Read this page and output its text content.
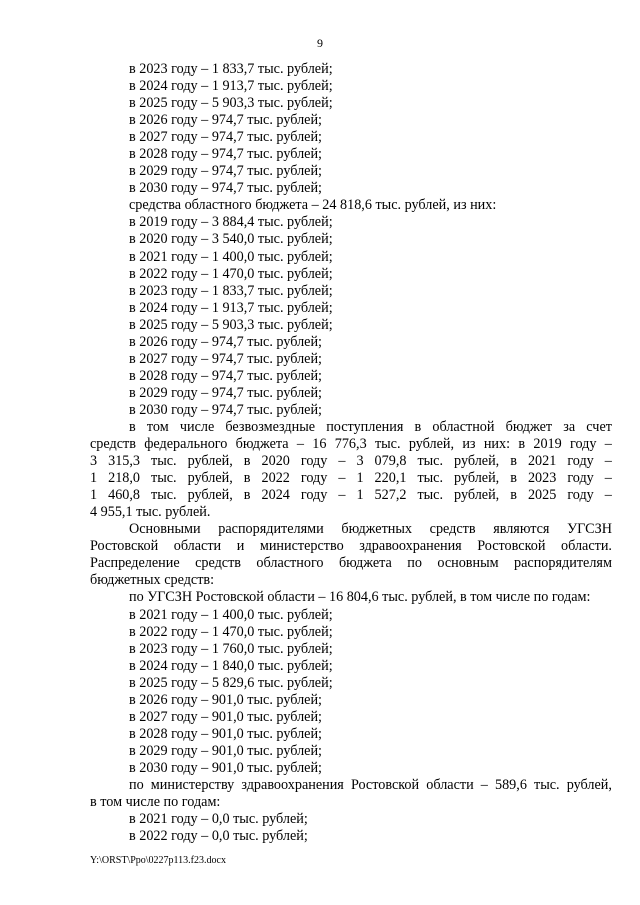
9
в 2023 году – 1 833,7 тыс. рублей;
в 2024 году – 1 913,7 тыс. рублей;
в 2025 году – 5 903,3 тыс. рублей;
в 2026 году – 974,7 тыс. рублей;
в 2027 году – 974,7 тыс. рублей;
в 2028 году – 974,7 тыс. рублей;
в 2029 году – 974,7 тыс. рублей;
в 2030 году – 974,7 тыс. рублей;
средства областного бюджета – 24 818,6 тыс. рублей, из них:
в 2019 году – 3 884,4 тыс. рублей;
в 2020 году – 3 540,0 тыс. рублей;
в 2021 году – 1 400,0 тыс. рублей;
в 2022 году – 1 470,0 тыс. рублей;
в 2023 году – 1 833,7 тыс. рублей;
в 2024 году – 1 913,7 тыс. рублей;
в 2025 году – 5 903,3 тыс. рублей;
в 2026 году – 974,7 тыс. рублей;
в 2027 году – 974,7 тыс. рублей;
в 2028 году – 974,7 тыс. рублей;
в 2029 году – 974,7 тыс. рублей;
в 2030 году – 974,7 тыс. рублей;
в том числе безвозмездные поступления в областной бюджет за счет
средств федерального бюджета – 16 776,3 тыс. рублей, из них: в 2019 году –
3 315,3 тыс. рублей, в 2020 году – 3 079,8 тыс. рублей, в 2021 году –
1 218,0 тыс. рублей, в 2022 году – 1 220,1 тыс. рублей, в 2023 году –
1 460,8 тыс. рублей, в 2024 году – 1 527,2 тыс. рублей, в 2025 году –
4 955,1 тыс. рублей.
Основными распорядителями бюджетных средств являются УГСЗН
Ростовской области и министерство здравоохранения Ростовской области.
Распределение средств областного бюджета по основным распорядителям
бюджетных средств:
по УГСЗН Ростовской области – 16 804,6 тыс. рублей, в том числе по годам:
в 2021 году – 1 400,0 тыс. рублей;
в 2022 году – 1 470,0 тыс. рублей;
в 2023 году – 1 760,0 тыс. рублей;
в 2024 году – 1 840,0 тыс. рублей;
в 2025 году – 5 829,6 тыс. рублей;
в 2026 году – 901,0 тыс. рублей;
в 2027 году – 901,0 тыс. рублей;
в 2028 году – 901,0 тыс. рублей;
в 2029 году – 901,0 тыс. рублей;
в 2030 году – 901,0 тыс. рублей;
по министерству здравоохранения Ростовской области – 589,6 тыс. рублей,
в том числе по годам:
в 2021 году – 0,0 тыс. рублей;
в 2022 году – 0,0 тыс. рублей;
Y:\ORST\Ppo\0227p113.f23.docx
